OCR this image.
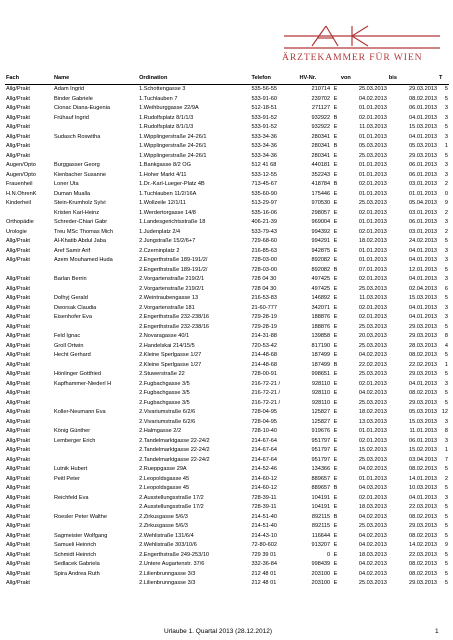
ÄRZTEKAMMER FÜR WIEN
Fach	Name	Ordination	Telefon	HV-Nr.		von	bis	T
Allg/Prakt	Adam Ingrid	1.Schottengasse 3	535-56-55	210714	E	25.03.2013	29.03.2013	5
Allg/Prakt	Binder Gabriele	1.Tuchlauben 7	533-91-60	239702	E	04.02.2013	08.02.2013	5
Allg/Prakt	Cionac Diana-Eugenia	1.Weihburggasse 22/9A	512-18-51	271127	E	01.01.2013	06.01.2013	3
Allg/Prakt	Frühauf Ingrid	1.Rudolfsplatz 8/1/1/3	533-91-52	932922	B	02.01.2013	04.01.2013	3
Allg/Prakt		1.Rudolfsplatz 8/1/1/3	533-91-52	932922	E	11.03.2013	15.03.2013	5
Allg/Prakt	Sudasch Roswitha	1.Wipplingerstraße 24-26/1	533-34-36	280341	E	01.01.2013	04.01.2013	3
Allg/Prakt		1.Wipplingerstraße 24-26/1	533-34-36	280341	B	05.03.2013	05.03.2013	1
Allg/Prakt		1.Wipplingerstraße 24-26/1	533-34-36	280341	E	25.03.2013	29.03.2013	5
Augen/Opto	Burggasser Georg	1.Bankgasse 8/2 OG	512 41 68	440181	E	01.01.2013	06.01.2013	3
Augen/Opto	Kienbacher Susanne	1.Hoher Markt 4/11	533-12-55	352243	E	01.01.2013	06.01.2013	3
Frauenheil	Loner Uta	1.Dr.-Karl-Lueger-Platz 4B	713-45-67	418784	B	02.01.2013	03.01.2013	2
H.N.OhrenK	Duman Mualla	1.Tuchlauben 11/2/16A	535-60-90	175446	E	01.01.2013	01.01.2013	0
Kinderheil	Stein-Krumholz Sylvi	1.Wollzeile 12/1/11	513-29-97	970530	E	25.03.2013	05.04.2013	9
	Kristen Karl-Heinz	1.Werdertorgasse 14/8	535-16-06	298057	E	02.01.2013	03.01.2013	2
Orthopädie	Schreder-Chiari Gabr	1.Landesgerichtsstraße 18	406-21-39	969004	E	01.01.2013	06.01.2013	3
Urologie	Treu MSc Thomas Mich	1.Judenplatz 2/4	533-79-43	994392	E	02.01.2013	03.01.2013	2
Allg/Prakt	Al-Khatib Abdul Jaba	2.Jungstraße 15/2/6+7	729-68-60	994291	E	18.02.2013	24.02.2013	5
Allg/Prakt	Aref Samir Arif	2.Czerninplatz 2	216-85-63	942875	E	01.01.2013	04.01.2013	3
Allg/Prakt	Azem Mouhamed Huda	2.Engerthstraße 189-191/2/	728-03-00	892082	E	01.01.2013	04.01.2013	3
		2.Engerthstraße 189-191/2/	728-03-00	892082	B	07.01.2013	12.01.2013	5
Allg/Prakt	Barlan Berrin	2.Vorgartenstraße 219/2/1	728 04 30	497425	E	02.01.2013	04.01.2013	3
Allg/Prakt		2.Vorgartenstraße 219/2/1	728 04 30	497425	E	25.03.2013	02.04.2013	6
Allg/Prakt	Dolhyj Gerald	2.Weintraubengasse 13	216-53-83	146892	E	11.03.2013	15.03.2013	5
Allg/Prakt	Dworsak Claudia	2.Vorgartenstraße 181	21-60-777	342071	E	02.01.2013	04.01.2013	3
Allg/Prakt	Eisenhofer Eva	2.Engerthstraße 232-238/16	729-28-19	188876	E	02.01.2013	04.01.2013	3
Allg/Prakt		2.Engerthstraße 232-238/16	729-28-19	188876	E	25.03.2013	29.03.2013	5
Allg/Prakt	Feld Ignac	2.Novaragasse 40/1	214-31-88	139858	E	20.03.2013	29.03.2013	8
Allg/Prakt	Groll Ortwin	2.Handelskai 214/15/5	720-53-42	817190	E	25.03.2013	28.03.2013	4
Allg/Prakt	Hecht Gerhard	2.Kleine Sperlgasse 1/27	214-48-68	187499	E	04.02.2013	08.02.2013	5
Allg/Prakt		2.Kleine Sperlgasse 1/27	214-48-68	187499	B	22.02.2013	22.02.2013	1
Allg/Prakt	Hönlinger Gottfried	2.Stuwerstraße 22	728-00-91	998651	E	25.03.2013	29.03.2013	5
Allg/Prakt	Kapfhammer-Niederl H	2.Fugbachgasse 3/5	216-72-21 /	928110	E	02.01.2013	04.01.2013	3
Allg/Prakt		2.Fugbachgasse 3/5	216-72-21 /	928110	E	04.02.2013	08.02.2013	5
Allg/Prakt		2.Fugbachgasse 3/5	216-72-21 /	928110	E	25.03.2013	29.03.2013	5
Allg/Prakt	Koller-Neumann Eva	2.Vivariumstraße 6/2/6	728-04-95	125827	E	18.02.2013	05.03.2013	12
Allg/Prakt		2.Vivariumstraße 6/2/6	728-04-95	125827	E	13.03.2013	15.03.2013	3
Allg/Prakt	König Günther	2.Halmgasse 2/2	728-10-40	919676	E	01.01.2013	11.01.2013	8
Allg/Prakt	Lemberger Erich	2.Tandelmarktgasse 22-24/2	214-67-64	951797	E	02.01.2013	06.01.2013	3
Allg/Prakt		2.Tandelmarktgasse 22-24/2	214-67-64	951797	E	15.02.2013	15.02.2013	1
Allg/Prakt		2.Tandelmarktgasse 22-24/2	214-67-64	951797	E	25.03.2013	03.04.2013	7
Allg/Prakt	Lutnik Hubert	2.Rueppgasse 29A	214-52-46	134366	E	04.02.2013	08.02.2013	5
Allg/Prakt	Peitl Peter	2.Leopoldsgasse 45	214-60-12	889657	E	01.01.2013	14.01.2013	2
Allg/Prakt		2.Leopoldsgasse 45	214-60-12	889657	B	04.03.2013	10.03.2013	5
Allg/Prakt	Reichfeld Eva	2.Ausstellungsstraße 17/2	728-39-11	104191	E	02.01.2013	04.01.2013	3
Allg/Prakt		2.Ausstellungsstraße 17/2	728-39-11	104191	E	18.03.2013	22.03.2013	5
Allg/Prakt	Roesler Peter Walthe	2.Zirkusgasse 5/6/3	214-51-40	892115	B	04.02.2013	08.02.2013	5
Allg/Prakt		2.Zirkusgasse 5/6/3	214-51-40	892115	E	25.03.2013	29.03.2013	5
Allg/Prakt	Sagmeister Wolfgang	2.Wehlistraße 131/6/4	214-43-10	116644	E	04.02.2013	08.02.2013	5
Allg/Prakt	Samueli Heinrich	2.Wehlistraße 303/10/6	72-80-602	913207	E	04.02.2013	14.02.2013	9
Allg/Prakt	Schmidt Heinrich	2.Engerthstraße 249-253/10	729 39 01	0	E	18.03.2013	22.03.2013	5
Allg/Prakt	Sedlacek Gabriela	2.Untere Augartenstr. 37/6	332-36-84	998439	E	04.02.2013	08.02.2013	5
Allg/Prakt	Spira Andrea Ruth	2.Lilienbrunngasse 3/3	212 48 01	203100	E	04.02.2013	08.02.2013	5
Allg/Prakt		2.Lilienbrunngasse 3/3	212 48 01	203100	E	25.03.2013	29.03.2013	5
Urlaube 1. Quartal 2013 (28.12.2012)	1
